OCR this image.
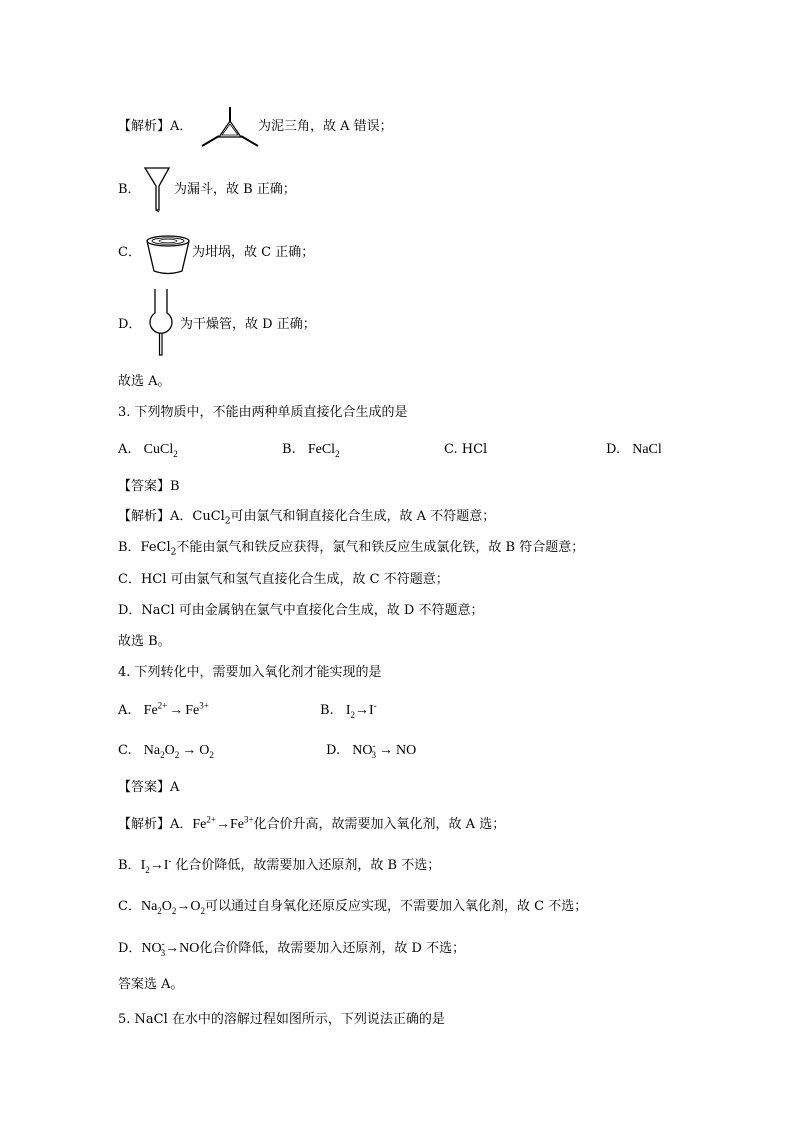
【解析】A．	为泥三角，故 A 错误；
B．	为漏斗，故 B 正确；
C．	为坩埚，故 C 正确；
D．	为干燥管，故 D 正确；
故选 A。
3. 下列物质中，不能由两种单质直接化合生成的是
A. CuCl$_2$	B. FeCl$_2$	C. HCl	D. NaCl
【答案】B
【解析】A．CuCl$_2$可由氯气和铜直接化合生成，故 A 不符题意；
B．FeCl$_2$不能由氯气和铁反应获得，氯气和铁反应生成氯化铁，故 B 符合题意；
C．HCl 可由氯气和氢气直接化合生成，故 C 不符题意；
D．NaCl 可由金属钠在氯气中直接化合生成，故 D 不符题意；
故选 B。
4. 下列转化中，需要加入氧化剂才能实现的是
A. $Fe^{2+} \to Fe^{3+}$	B. $I_2\to I^-$
C. $Na_2O_2 \to O_2$	D. $NO^-_3$ → NO
【答案】A
【解析】A．$Fe^{2+}\to Fe^{3+}$化合价升高，故需要加入氧化剂，故 A 选；
B．$I_2\to I^-$ 化合价降低，故需要加入还原剂，故 B 不选；
C．$Na_2O_2\to O_2$可以通过自身氧化还原反应实现，不需要加入氧化剂，故 C 不选；
D．$NO^-_3\to NO$化合价降低，故需要加入还原剂，故 D 不选；
答案选 A。
5. NaCl 在水中的溶解过程如图所示，下列说法正确的是
